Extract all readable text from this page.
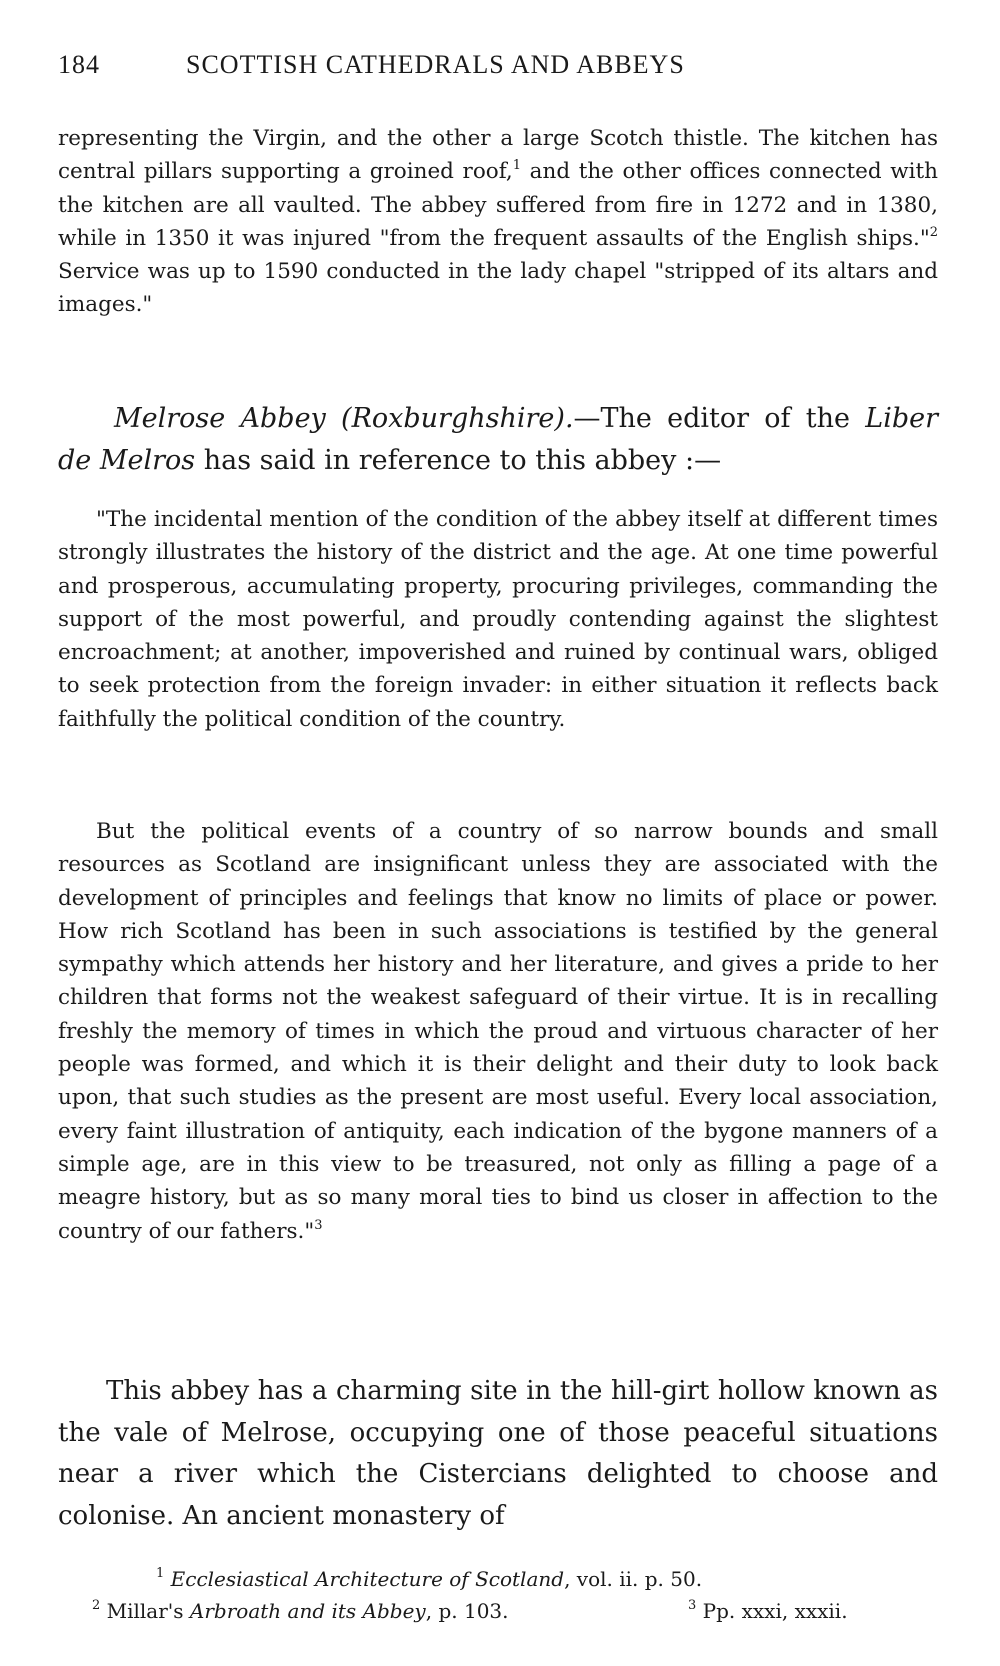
184	SCOTTISH CATHEDRALS AND ABBEYS

representing the Virgin, and the other a large Scotch thistle. The kitchen has central pillars supporting a groined roof,$^1$ and the other offices connected with the kitchen are all vaulted. The abbey suffered from fire in 1272 and in 1380, while in 1350 it was injured "from the frequent assaults of the English ships."$^2$ Service was up to 1590 conducted in the lady chapel "stripped of its altars and images."

Melrose Abbey (Roxburghshire).—The editor of the Liber de Melros has said in reference to this abbey :—

"The incidental mention of the condition of the abbey itself at different times strongly illustrates the history of the district and the age. At one time powerful and prosperous, accumulating property, procuring privileges, commanding the support of the most powerful, and proudly contending against the slightest encroachment; at another, impoverished and ruined by continual wars, obliged to seek protection from the foreign invader: in either situation it reflects back faithfully the political condition of the country.

But the political events of a country of so narrow bounds and small resources as Scotland are insignificant unless they are associated with the development of principles and feelings that know no limits of place or power. How rich Scotland has been in such associations is testified by the general sympathy which attends her history and her literature, and gives a pride to her children that forms not the weakest safeguard of their virtue. It is in recalling freshly the memory of times in which the proud and virtuous character of her people was formed, and which it is their delight and their duty to look back upon, that such studies as the present are most useful. Every local association, every faint illustration of antiquity, each indication of the bygone manners of a simple age, are in this view to be treasured, not only as filling a page of a meagre history, but as so many moral ties to bind us closer in affection to the country of our fathers."$^3$

This abbey has a charming site in the hill-girt hollow known as the vale of Melrose, occupying one of those peaceful situations near a river which the Cistercians delighted to choose and colonise. An ancient monastery of

$^1$ Ecclesiastical Architecture of Scotland, vol. ii. p. 50.
$^2$ Millar's Arbroath and its Abbey, p. 103.	$^3$ Pp. xxxi, xxxii.
